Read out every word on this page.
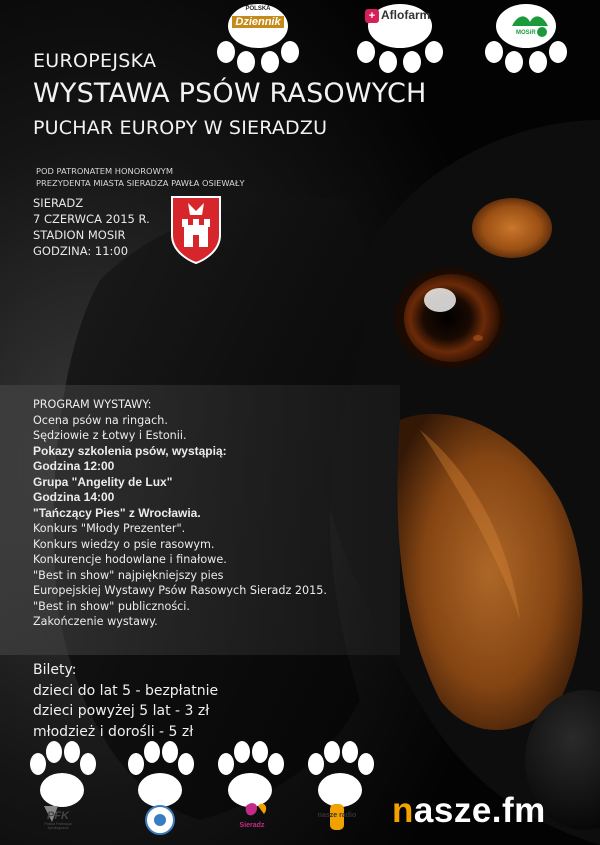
POLSKA
Dziennik	+ Aflofarm
MOSiR
EUROPEJSKA
WYSTAWA PSÓW RASOWYCH
PUCHAR EUROPY W SIERADZU
POD PATRONATEM HONOROWYM
PREZYDENTA MIASTA SIERADZA PAWŁA OSIEWAŁY
SIERADZ
7 CZERWCA 2015 R.
STADION MOSIR
GODZINA: 11:00
PROGRAM WYSTAWY:
Ocena psów na ringach.
Sędziowie z Łotwy i Estonii.
Pokazy szkolenia psów, wystąpią:
Godzina 12:00
Grupa "Angelity de Lux"
Godzina 14:00
"Tańczący Pies" z Wrocławia.
Konkurs "Młody Prezenter".
Konkurs wiedzy o psie rasowym.
Konkurencje hodowlane i finałowe.
"Best in show" najpiękniejszy pies
Europejskiej Wystawy Psów Rasowych Sieradz 2015.
"Best in show" publiczności.
Zakończenie wystawy.
Bilety:
dzieci do lat 5 - bezpłatnie
dzieci powyżej 5 lat - 3 zł
młodzież i dorośli - 5 zł
PFK
Polska Federacja Kynologiczna	Sieradz
nasze radio nasze.fm
